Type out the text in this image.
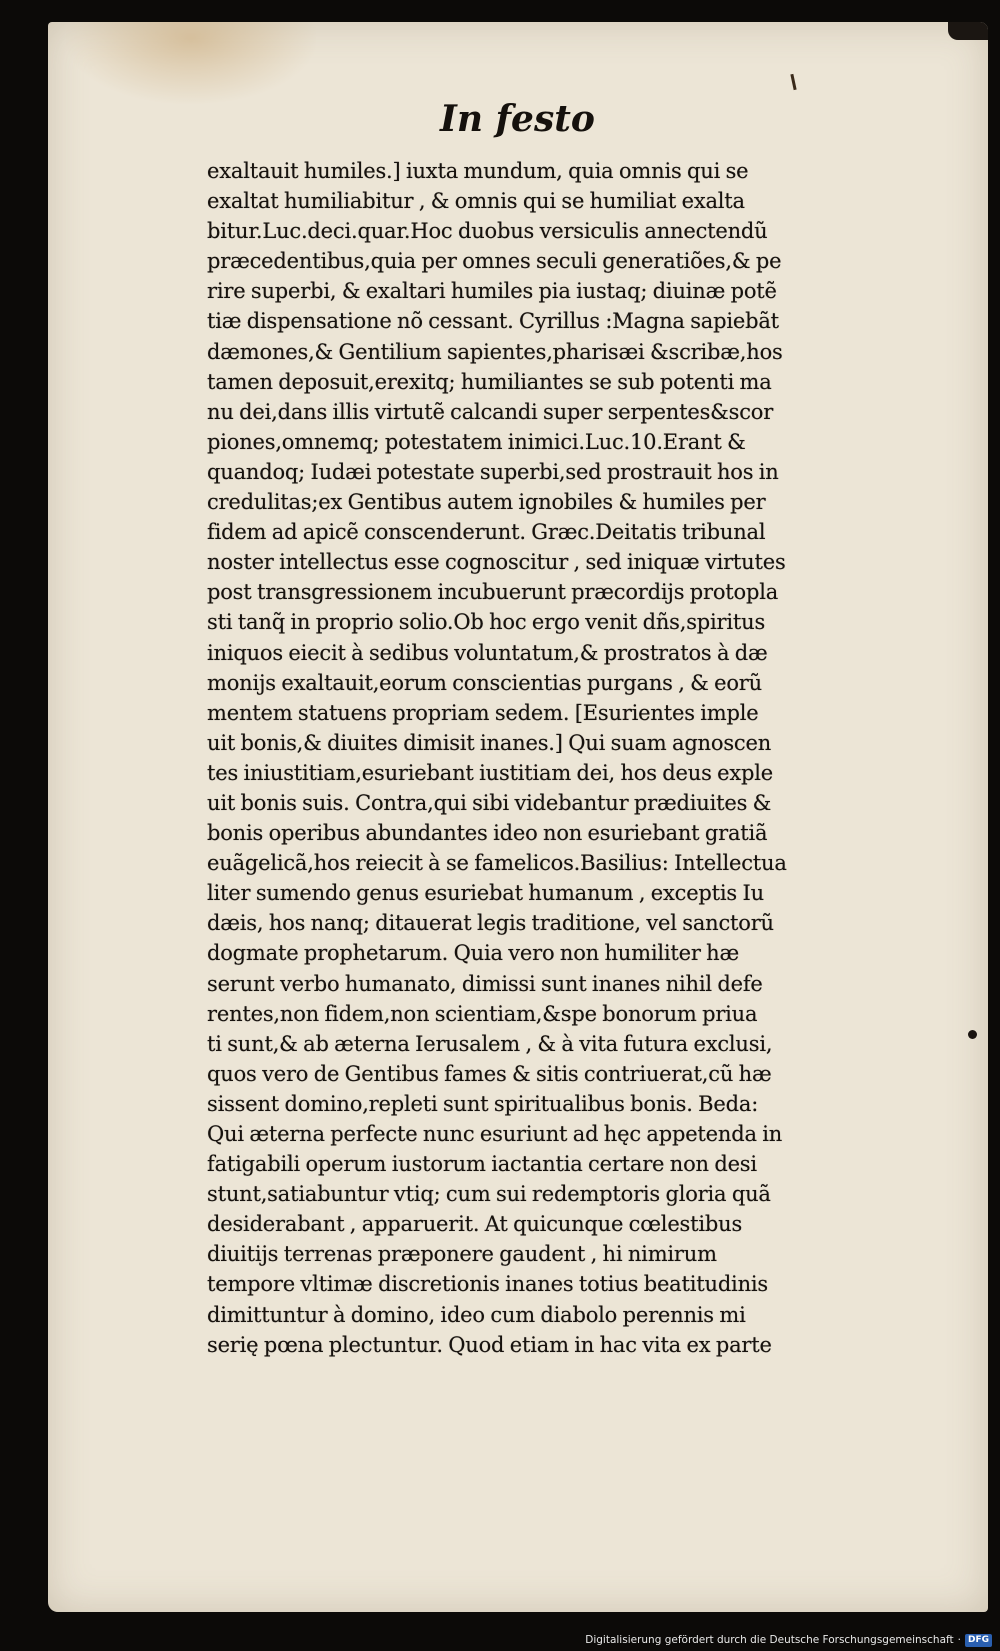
In festo
exaltauit humiles.] iuxta mundum, quia omnis qui se
exaltat humiliabitur , & omnis qui se humiliat exalta
bitur.Luc.deci.quar.Hoc duobus versiculis annectendũ
præcedentibus,quia per omnes seculi generatiões,& pe
rire superbi, & exaltari humiles pia iustaq; diuinæ potẽ
tiæ dispensatione nõ cessant. Cyrillus :Magna sapiebãt
dæmones,& Gentilium sapientes,pharisæi &scribæ,hos
tamen deposuit,erexitq; humiliantes se sub potenti ma
nu dei,dans illis virtutẽ calcandi super serpentes&scor
piones,omnemq; potestatem inimici.Luc.10.Erant &
quandoq; Iudæi potestate superbi,sed prostrauit hos in
credulitas;ex Gentibus autem ignobiles & humiles per
fidem ad apicẽ conscenderunt. Græc.Deitatis tribunal
noster intellectus esse cognoscitur , sed iniquæ virtutes
post transgressionem incubuerunt præcordijs protopla
sti tanq̃ in proprio solio.Ob hoc ergo venit dñs,spiritus
iniquos eiecit à sedibus voluntatum,& prostratos à dæ
monijs exaltauit,eorum conscientias purgans , & eorũ
mentem statuens propriam sedem. [Esurientes imple
uit bonis,& diuites dimisit inanes.] Qui suam agnoscen
tes iniustitiam,esuriebant iustitiam dei, hos deus exple
uit bonis suis. Contra,qui sibi videbantur prædiuites &
bonis operibus abundantes ideo non esuriebant gratiã
euãgelicã,hos reiecit à se famelicos.Basilius: Intellectua
liter sumendo genus esuriebat humanum , exceptis Iu
dæis, hos nanq; ditauerat legis traditione, vel sanctorũ
dogmate prophetarum. Quia vero non humiliter hæ
serunt verbo humanato, dimissi sunt inanes nihil defe
rentes,non fidem,non scientiam,&spe bonorum priua
ti sunt,& ab æterna Ierusalem , & à vita futura exclusi,
quos vero de Gentibus fames & sitis contriuerat,cũ hæ
sissent domino,repleti sunt spiritualibus bonis. Beda:
Qui æterna perfecte nunc esuriunt ad hęc appetenda in
fatigabili operum iustorum iactantia certare non desi
stunt,satiabuntur vtiq; cum sui redemptoris gloria quã
desiderabant , apparuerit. At quicunque cœlestibus
diuitijs terrenas præponere gaudent , hi nimirum
tempore vltimæ discretionis inanes totius beatitudinis
dimittuntur à domino, ideo cum diabolo perennis mi
serię pœna plectuntur. Quod etiam in hac vita ex parte
Digitalisierung gefördert durch die Deutsche Forschungsgemeinschaft · DFG
